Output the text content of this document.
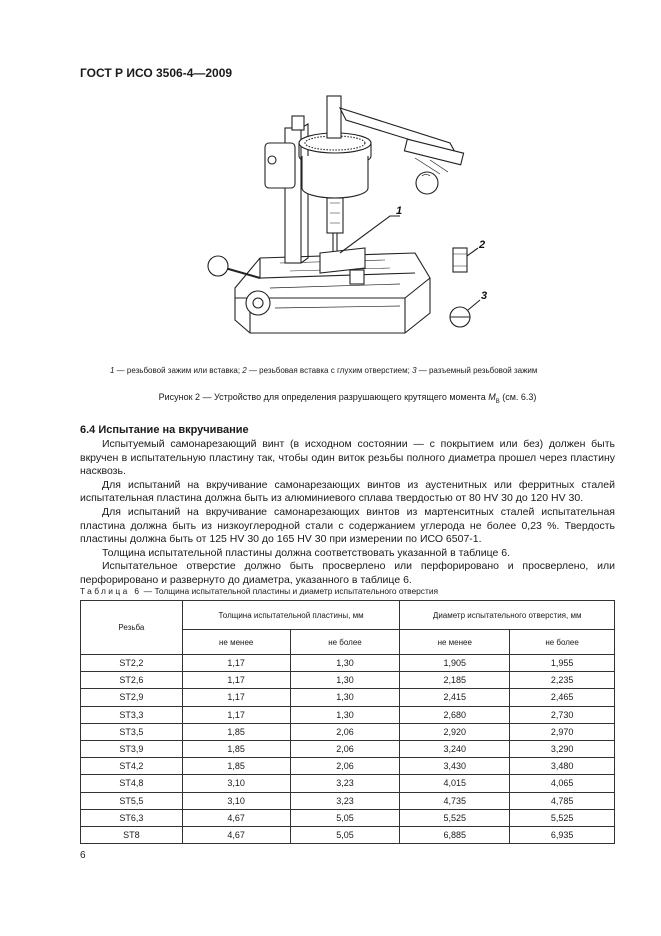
ГОСТ Р ИСО 3506-4—2009
1
2
3
1 — резьбовой зажим или вставка; 2 — резьбовая вставка с глухим отверстием; 3 — разъемный резьбовой зажим
Рисунок 2 — Устройство для определения разрушающего крутящего момента $M_B$ (см. 6.3)
6.4 Испытание на вкручивание

Испытуемый самонарезающий винт (в исходном состоянии — с покрытием или без) должен быть вкручен в испытательную пластину так, чтобы один виток резьбы полного диаметра прошел через пластину насквозь.

Для испытаний на вкручивание самонарезающих винтов из аустенитных или ферритных сталей испытательная пластина должна быть из алюминиевого сплава твердостью от 80 HV 30 до 120 HV 30.

Для испытаний на вкручивание самонарезающих винтов из мартенситных сталей испытательная пластина должна быть из низкоуглеродной стали с содержанием углерода не более 0,23 %. Твердость пластины должна быть от 125 HV 30 до 165 HV 30 при измерении по ИСО 6507-1.

Толщина испытательной пластины должна соответствовать указанной в таблице 6.

Испытательное отверстие должно быть просверлено или перфорировано и просверлено, или перфорировано и развернуто до диаметра, указанного в таблице 6.

Таблица 6 — Толщина испытательной пластины и диаметр испытательного отверстия
Резьба	Толщина испытательной пластины, мм		Диаметр испытательного отверстия, мм	
	не менее	не более	не менее	не более
ST2,2	1,17	1,30	1,905	1,955
ST2,6	1,17	1,30	2,185	2,235
ST2,9	1,17	1,30	2,415	2,465
ST3,3	1,17	1,30	2,680	2,730
ST3,5	1,85	2,06	2,920	2,970
ST3,9	1,85	2,06	3,240	3,290
ST4,2	1,85	2,06	3,430	3,480
ST4,8	3,10	3,23	4,015	4,065
ST5,5	3,10	3,23	4,735	4,785
ST6,3	4,67	5,05	5,525	5,525
ST8	4,67	5,05	6,885	6,935
6
